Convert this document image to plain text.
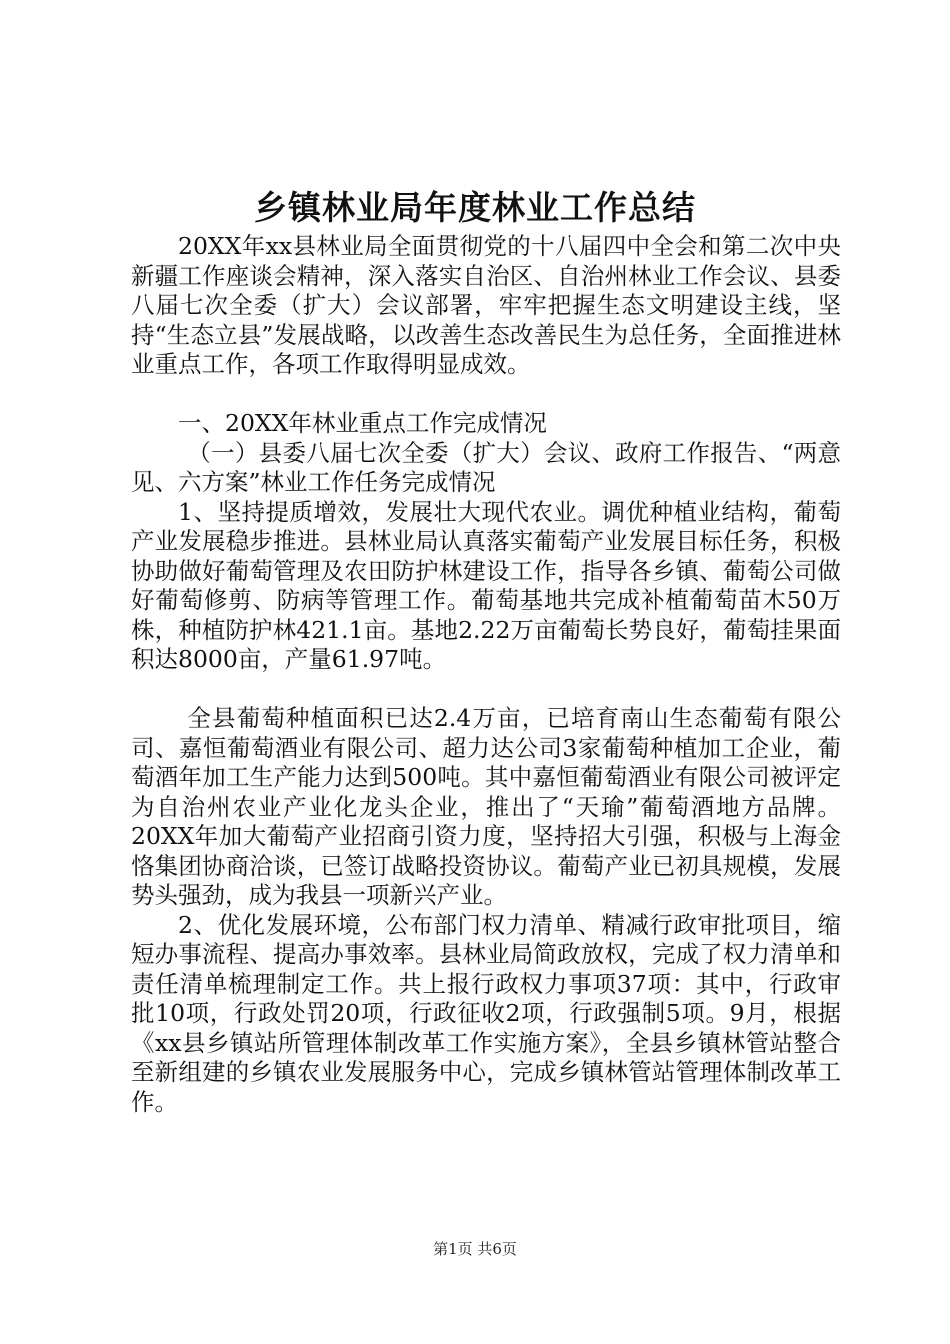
乡镇林业局年度林业工作总结

20XX年xx县林业局全面贯彻党的十八届四中全会和第二次中央新疆工作座谈会精神，深入落实自治区、自治州林业工作会议、县委八届七次全委（扩大）会议部署，牢牢把握生态文明建设主线，坚持“生态立县”发展战略，以改善生态改善民生为总任务，全面推进林业重点工作，各项工作取得明显成效。

一、20XX年林业重点工作完成情况

（一）县委八届七次全委（扩大）会议、政府工作报告、“两意见、六方案”林业工作任务完成情况

1、坚持提质增效，发展壮大现代农业。调优种植业结构，葡萄产业发展稳步推进。县林业局认真落实葡萄产业发展目标任务，积极协助做好葡萄管理及农田防护林建设工作，指导各乡镇、葡萄公司做好葡萄修剪、防病等管理工作。葡萄基地共完成补植葡萄苗木50万株，种植防护林421.1亩。基地2.22万亩葡萄长势良好，葡萄挂果面积达8000亩，产量61.97吨。

全县葡萄种植面积已达2.4万亩，已培育南山生态葡萄有限公司、嘉恒葡萄酒业有限公司、超力达公司3家葡萄种植加工企业，葡萄酒年加工生产能力达到500吨。其中嘉恒葡萄酒业有限公司被评定为自治州农业产业化龙头企业，推出了“天瑜”葡萄酒地方品牌。20XX年加大葡萄产业招商引资力度，坚持招大引强，积极与上海金恪集团协商洽谈，已签订战略投资协议。葡萄产业已初具规模，发展势头强劲，成为我县一项新兴产业。

2、优化发展环境，公布部门权力清单、精减行政审批项目，缩短办事流程、提高办事效率。县林业局简政放权，完成了权力清单和责任清单梳理制定工作。共上报行政权力事项37项：其中，行政审批10项，行政处罚20项，行政征收2项，行政强制5项。9月，根据《xx县乡镇站所管理体制改革工作实施方案》，全县乡镇林管站整合至新组建的乡镇农业发展服务中心，完成乡镇林管站管理体制改革工作。

第1页 共6页
